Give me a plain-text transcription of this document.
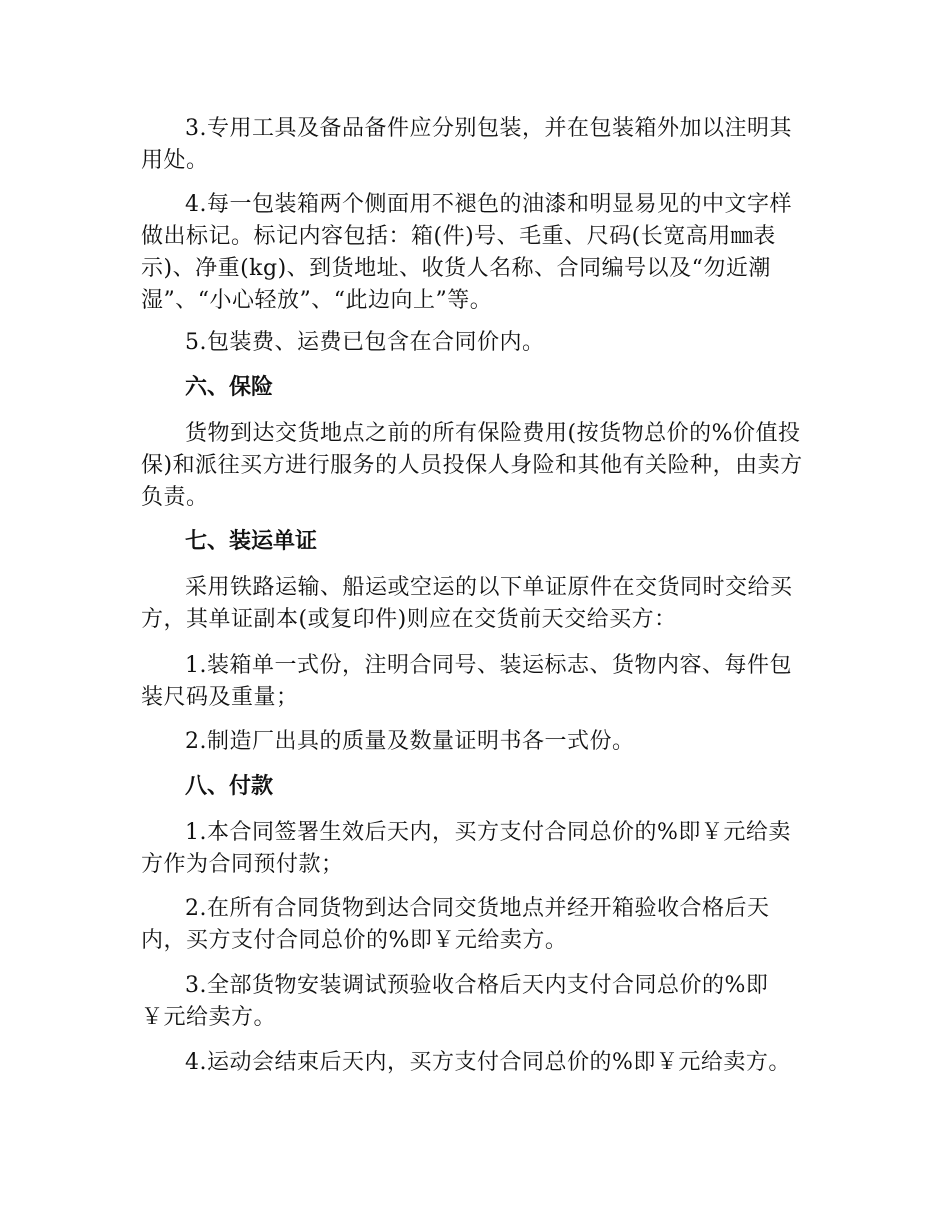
3.专用工具及备品备件应分别包装，并在包装箱外加以注明其用处。

4.每一包装箱两个侧面用不褪色的油漆和明显易见的中文字样做出标记。标记内容包括：箱(件)号、毛重、尺码(长宽高用㎜表示)、净重(kg)、到货地址、收货人名称、合同编号以及“勿近潮湿”、“小心轻放”、“此边向上”等。

5.包装费、运费已包含在合同价内。

六、保险

货物到达交货地点之前的所有保险费用(按货物总价的%价值投保)和派往买方进行服务的人员投保人身险和其他有关险种，由卖方负责。

七、装运单证

采用铁路运输、船运或空运的以下单证原件在交货同时交给买方，其单证副本(或复印件)则应在交货前天交给买方：

1.装箱单一式份，注明合同号、装运标志、货物内容、每件包装尺码及重量；

2.制造厂出具的质量及数量证明书各一式份。

八、付款

1.本合同签署生效后天内，买方支付合同总价的%即￥元给卖方作为合同预付款；

2.在所有合同货物到达合同交货地点并经开箱验收合格后天内，买方支付合同总价的%即￥元给卖方。

3.全部货物安装调试预验收合格后天内支付合同总价的%即￥元给卖方。

4.运动会结束后天内，买方支付合同总价的%即￥元给卖方。
